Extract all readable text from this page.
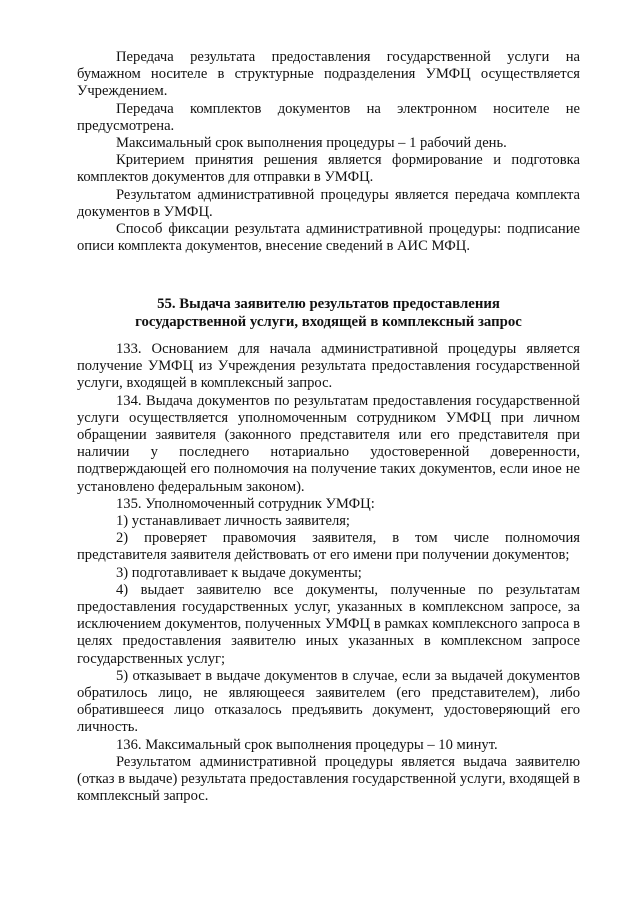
Передача результата предоставления государственной услуги на бумажном носителе в структурные подразделения УМФЦ осуществляется Учреждением.

Передача комплектов документов на электронном носителе не предусмотрена.

Максимальный срок выполнения процедуры – 1 рабочий день.

Критерием принятия решения является формирование и подготовка комплектов документов для отправки в УМФЦ.

Результатом административной процедуры является передача комплекта документов в УМФЦ.

Способ фиксации результата административной процедуры: подписание описи комплекта документов, внесение сведений в АИС МФЦ.

55. Выдача заявителю результатов предоставления
государственной услуги, входящей в комплексный запрос

133. Основанием для начала административной процедуры является получение УМФЦ из Учреждения результата предоставления государственной услуги, входящей в комплексный запрос.

134. Выдача документов по результатам предоставления государственной услуги осуществляется уполномоченным сотрудником УМФЦ при личном обращении заявителя (законного представителя или его представителя при наличии у последнего нотариально удостоверенной доверенности, подтверждающей его полномочия на получение таких документов, если иное не установлено федеральным законом).

135. Уполномоченный сотрудник УМФЦ:

1) устанавливает личность заявителя;

2) проверяет правомочия заявителя, в том числе полномочия представителя заявителя действовать от его имени при получении документов;

3) подготавливает к выдаче документы;

4) выдает заявителю все документы, полученные по результатам предоставления государственных услуг, указанных в комплексном запросе, за исключением документов, полученных УМФЦ в рамках комплексного запроса в целях предоставления заявителю иных указанных в комплексном запросе государственных услуг;

5) отказывает в выдаче документов в случае, если за выдачей документов обратилось лицо, не являющееся заявителем (его представителем), либо обратившееся лицо отказалось предъявить документ, удостоверяющий его личность.

136. Максимальный срок выполнения процедуры – 10 минут.

Результатом административной процедуры является выдача заявителю (отказ в выдаче) результата предоставления государственной услуги, входящей в комплексный запрос.
